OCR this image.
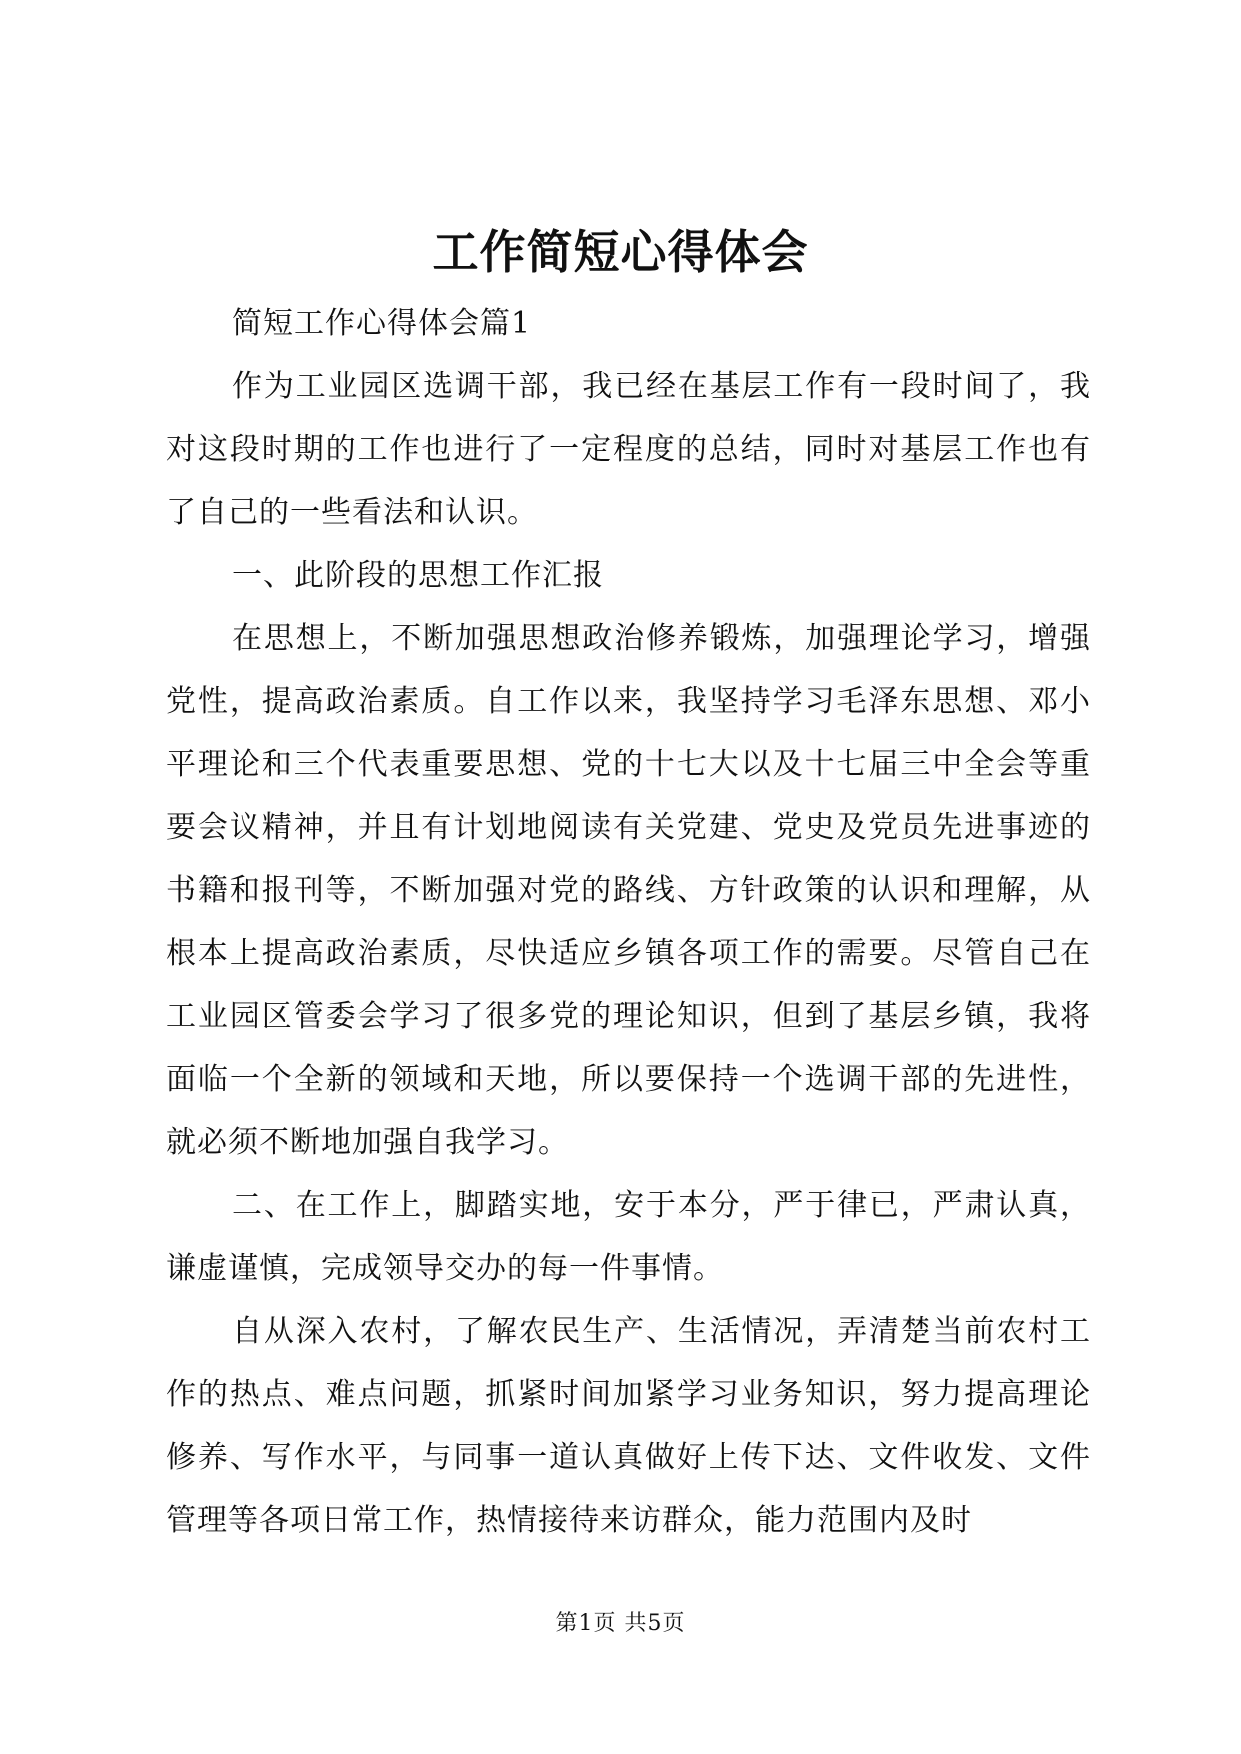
工作简短心得体会

简短工作心得体会篇1

作为工业园区选调干部，我已经在基层工作有一段时间了，我对这段时期的工作也进行了一定程度的总结，同时对基层工作也有了自己的一些看法和认识。

一、此阶段的思想工作汇报

在思想上，不断加强思想政治修养锻炼，加强理论学习，增强党性，提高政治素质。自工作以来，我坚持学习毛泽东思想、邓小平理论和三个代表重要思想、党的十七大以及十七届三中全会等重要会议精神，并且有计划地阅读有关党建、党史及党员先进事迹的书籍和报刊等，不断加强对党的路线、方针政策的认识和理解，从根本上提高政治素质，尽快适应乡镇各项工作的需要。尽管自己在工业园区管委会学习了很多党的理论知识，但到了基层乡镇，我将面临一个全新的领域和天地，所以要保持一个选调干部的先进性，就必须不断地加强自我学习。

二、在工作上，脚踏实地，安于本分，严于律已，严肃认真，谦虚谨慎，完成领导交办的每一件事情。

自从深入农村，了解农民生产、生活情况，弄清楚当前农村工作的热点、难点问题，抓紧时间加紧学习业务知识，努力提高理论修养、写作水平，与同事一道认真做好上传下达、文件收发、文件管理等各项日常工作，热情接待来访群众，能力范围内及时

第1页 共5页
